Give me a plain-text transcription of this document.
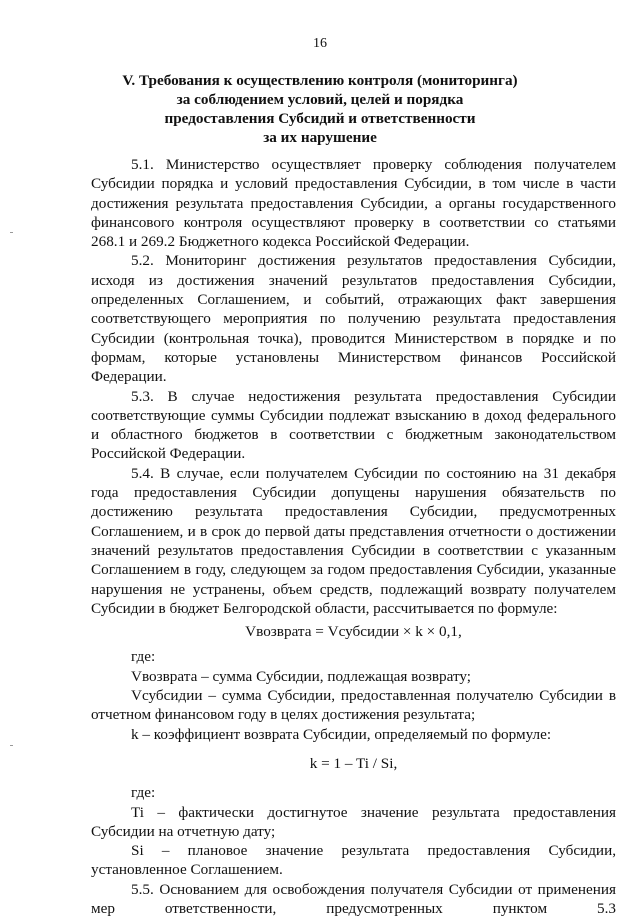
16
V. Требования к осуществлению контроля (мониторинга)
за соблюдением условий, целей и порядка
предоставления Субсидий и ответственности
за их нарушение

5.1. Министерство осуществляет проверку соблюдения получателем Субсидии порядка и условий предоставления Субсидии, в том числе в части достижения результата предоставления Субсидии, а органы государственного финансового контроля осуществляют проверку в соответствии со статьями 268.1 и 269.2 Бюджетного кодекса Российской Федерации.

5.2. Мониторинг достижения результатов предоставления Субсидии, исходя из достижения значений результатов предоставления Субсидии, определенных Соглашением, и событий, отражающих факт завершения соответствующего мероприятия по получению результата предоставления Субсидии (контрольная точка), проводится Министерством в порядке и по формам, которые установлены Министерством финансов Российской Федерации.

5.3. В случае недостижения результата предоставления Субсидии соответствующие суммы Субсидии подлежат взысканию в доход федерального и областного бюджетов в соответствии с бюджетным законодательством Российской Федерации.

5.4. В случае, если получателем Субсидии по состоянию на 31 декабря года предоставления Субсидии допущены нарушения обязательств по достижению результата предоставления Субсидии, предусмотренных Соглашением, и в срок до первой даты представления отчетности о достижении значений результатов предоставления Субсидии в соответствии с указанным Соглашением в году, следующем за годом предоставления Субсидии, указанные нарушения не устранены, объем средств, подлежащий возврату получателем Субсидии в бюджет Белгородской области, рассчитывается по формуле:

Vвозврата = Vсубсидии × k × 0,1,

где:

Vвозврата – сумма Субсидии, подлежащая возврату;

Vсубсидии – сумма Субсидии, предоставленная получателю Субсидии в отчетном финансовом году в целях достижения результата;

k – коэффициент возврата Субсидии, определяемый по формуле:

k = 1 – Ti / Si,

где:

Ti – фактически достигнутое значение результата предоставления Субсидии на отчетную дату;

Si – плановое значение результата предоставления Субсидии, установленное Соглашением.

5.5. Основанием для освобождения получателя Субсидии от применения мер ответственности, предусмотренных пунктом 5.3
